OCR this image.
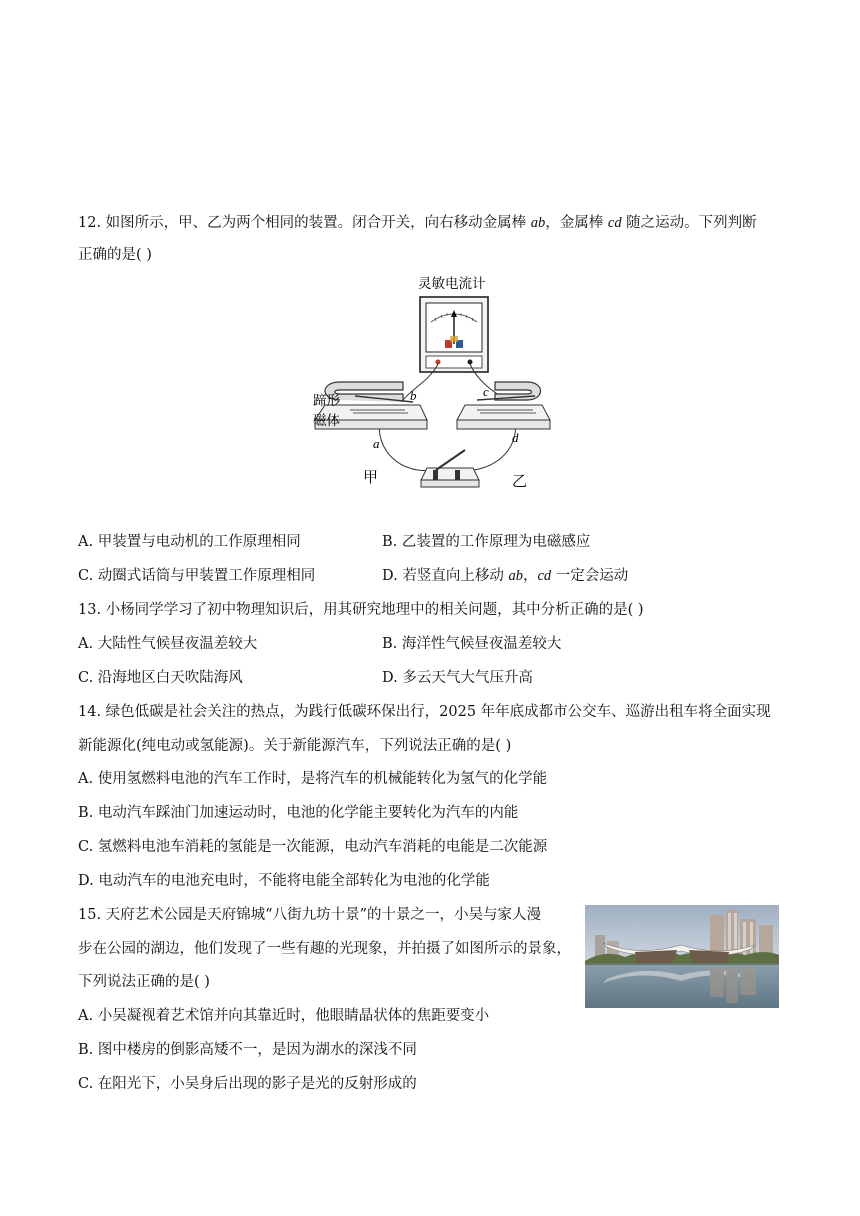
12. 如图所示，甲、乙为两个相同的装置。闭合开关，向右移动金属棒 ab，金属棒 cd 随之运动。下列判断
正确的是( )
灵敏电流计
蹄形
磁体
b
a
c
d
甲	乙
A. 甲装置与电动机的工作原理相同	B. 乙装置的工作原理为电磁感应
C. 动圈式话筒与甲装置工作原理相同	D. 若竖直向上移动 ab，cd 一定会运动
13. 小杨同学学习了初中物理知识后，用其研究地理中的相关问题，其中分析正确的是( )
A. 大陆性气候昼夜温差较大	B. 海洋性气候昼夜温差较大
C. 沿海地区白天吹陆海风	D. 多云天气大气压升高
14. 绿色低碳是社会关注的热点，为践行低碳环保出行，2025 年年底成都市公交车、巡游出租车将全面实现
新能源化(纯电动或氢能源)。关于新能源汽车，下列说法正确的是( )
A. 使用氢燃料电池的汽车工作时，是将汽车的机械能转化为氢气的化学能
B. 电动汽车踩油门加速运动时，电池的化学能主要转化为汽车的内能
C. 氢燃料电池车消耗的氢能是一次能源，电动汽车消耗的电能是二次能源
D. 电动汽车的电池充电时，不能将电能全部转化为电池的化学能
15. 天府艺术公园是天府锦城“八街九坊十景”的十景之一，小吴与家人漫
步在公园的湖边，他们发现了一些有趣的光现象，并拍摄了如图所示的景象，
下列说法正确的是( )
A. 小吴凝视着艺术馆并向其靠近时，他眼睛晶状体的焦距要变小
B. 图中楼房的倒影高矮不一，是因为湖水的深浅不同
C. 在阳光下，小吴身后出现的影子是光的反射形成的
